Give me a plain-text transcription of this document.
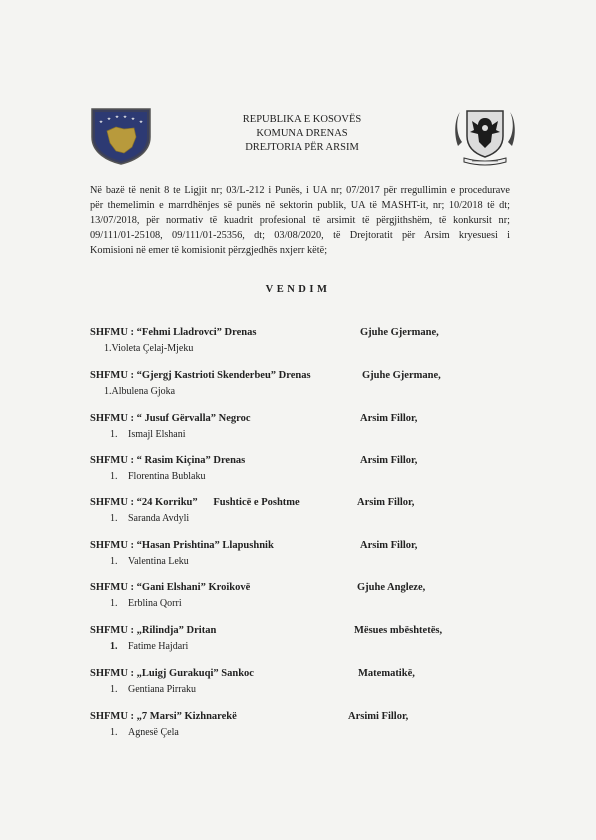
REPUBLIKA E KOSOVËS
KOMUNA DRENAS
DREJTORIA PËR ARSIM
Në bazë të nenit 8 te Ligjit nr; 03/L-212 i Punës, i UA nr; 07/2017 për rregullimin e procedurave
për themelimin e marrdhënjes së punës në sektorin publik, UA të MASHT-it, nr; 10/2018 të dt;
13/07/2018, për normativ të kuadrit profesional të arsimit të përgjithshëm, të konkursit nr;
09/111/01-25108, 09/111/01-25356, dt; 03/08/2020, të Drejtoratit për Arsim kryesuesi i
Komisioni në emer të komisionit përzgjedhës nxjerr këtë;
VENDIM
SHFMU : “Fehmi Lladrovci” Drenas	Gjuhe Gjermane,
1.Violeta Çelaj-Mjeku
SHFMU : “Gjergj Kastrioti Skenderbeu” Drenas	Gjuhe Gjermane,
1.Albulena Gjoka
SHFMU : “ Jusuf Gërvalla” Negroc	Arsim Fillor,
1. Ismajl Elshani
SHFMU : “ Rasim Kiçina” Drenas	Arsim Fillor,
1. Florentina Bublaku
SHFMU : “24 Korriku”      Fushticë e Poshtme	Arsim Fillor,
1. Saranda Avdyli
SHFMU : “Hasan Prishtina” Llapushnik	Arsim Fillor,
1. Valentina Leku
SHFMU : “Gani Elshani” Kroikovë	Gjuhe Angleze,
1. Erblina Qorri
SHFMU : „Rilindja” Dritan	Mësues mbështetës,
1. Fatime Hajdari
SHFMU : „Luigj Gurakuqi” Sankoc	Matematikë,
1. Gentiana Pirraku
SHFMU : „7 Marsi” Kizhnarekë	Arsimi Fillor,
1. Agnesë Çela
